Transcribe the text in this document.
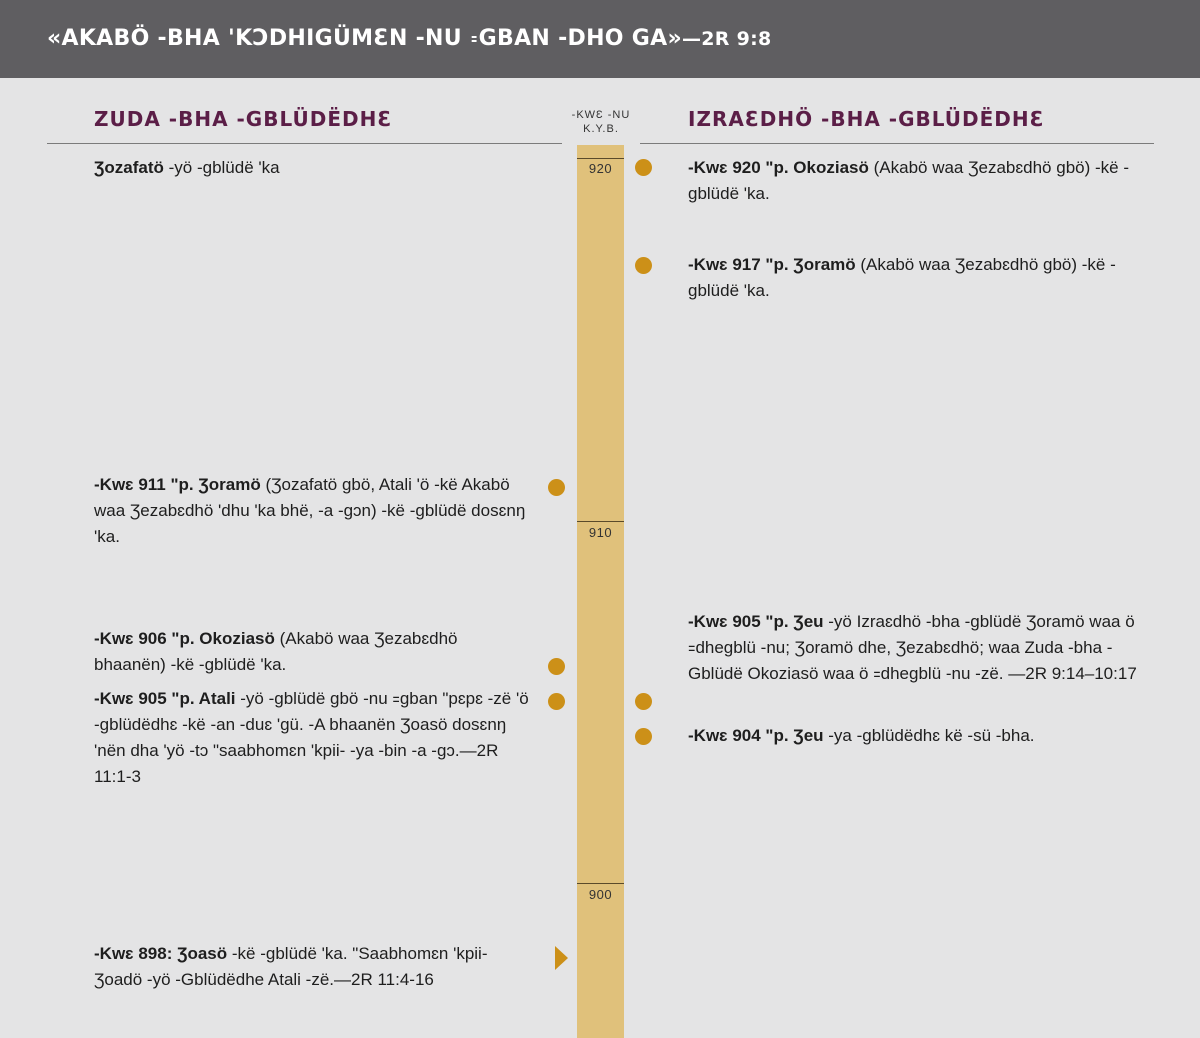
«AKABÖ -BHA 'KƆDHIGÜMƐN -NU ꞊GBAN -DHO GA»—2R 9:8
ZUDA -BHA -GBLÜDËDHƐ	IZRAƐDHÖ -BHA -GBLÜDËDHƐ
-KWƐ -NU
K.Y.B.
920
910
900
Ʒozafatö -yö -gblüdë 'ka
-Kwɛ 911 "p. Ʒoramö (Ʒozafatö gbö, Atali 'ö -kë Akabö waa Ʒezabɛdhö 'dhu 'ka bhë, -a -gɔn) -kë -gblüdë dosɛnŋ 'ka.
-Kwɛ 906 "p. Okoziasö (Akabö waa Ʒezabɛdhö bhaanën) -kë -gblüdë 'ka.
-Kwɛ 905 "p. Atali -yö -gblüdë gbö -nu ꞊gban "pɛpɛ -zë 'ö -gblüdëdhɛ -kë -an -duɛ 'gü. -A bhaanën Ʒoasö dosɛnŋ 'nën dha 'yö -tɔ "saabhomɛn 'kpii- -ya -bin -a -gɔ.—2R 11:1-3
-Kwɛ 898: Ʒoasö -kë -gblüdë 'ka. "Saabhomɛn 'kpii- Ʒoadö -yö -Gblüdëdhe Atali -zë.—2R 11:4-16
-Kwɛ 920 "p. Okoziasö (Akabö waa Ʒezabɛdhö gbö) -kë -gblüdë 'ka.
-Kwɛ 917 "p. Ʒoramö (Akabö waa Ʒezabɛdhö gbö) -kë -gblüdë 'ka.
-Kwɛ 905 "p. Ʒeu -yö Izraɛdhö -bha -gblüdë Ʒoramö waa ö ꞊dhegblü -nu; Ʒoramö dhe, Ʒezabɛdhö; waa Zuda -bha -Gblüdë Okoziasö waa ö ꞊dhegblü -nu -zë. —2R 9:14–10:17
-Kwɛ 904 "p. Ʒeu -ya -gblüdëdhɛ kë -sü -bha.
